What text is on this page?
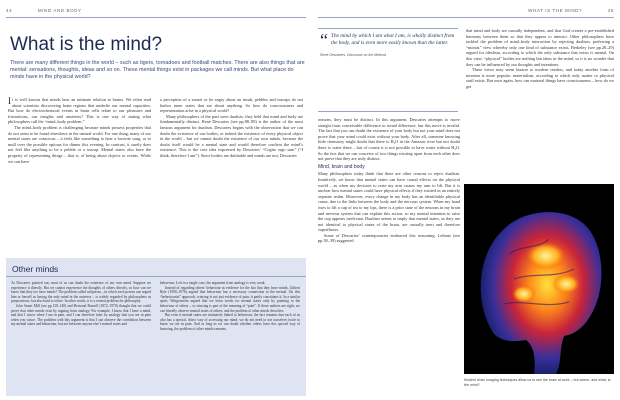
44	MIND AND BODY	WHAT IS THE MIND?	45
What is the mind?
There are many different things in the world – such as tigers, tornadoes and football matches. There are also things that are mental: sensations, thoughts, ideas and so on. These mental things exist in packages we call minds. But what place do minds have in the physical world?

It is well known that minds bear an intimate relation to brains. We often read about scientists discovering brain regions that underlie our mental capacities. But how do electrochemical events in brain cells relate to our pleasures and frustrations, our insights and anxieties? This is one way of stating what philosophers call the “mind–body problem.”

The mind–body problem is challenging because minds possess properties that do not seem to be found elsewhere in the natural world. For one thing, many of our mental states are conscious – it feels like something to hear a favorite song, or to mull over the possible options for dinner this evening. In contrast, it surely does not feel like anything to be a pebble or a teacup. Mental states also have the property of representing things – that is, of being about objects or events. While we can have

a perception of a sunset or be angry about an insult, pebbles and teacups do not harbor inner states that are about anything. So how do consciousness and representation arise in a physical world?

Many philosophers of the past were dualists: they held that mind and body are fundamentally distinct. René Descartes (see pp.88–89) is the author of the most famous argument for dualism. Descartes begins with the observation that we can doubt the existence of our bodies, or indeed the existence of every physical object in the world – but we cannot doubt the existence of our own minds, because the doubt itself would be a mental state and would therefore confirm the mind’s existence. This is the core idea expressed by Descartes’ “Cogito ergo sum” (“I think, therefore I am”). Since bodies are dubitable and minds are not, Descartes

Other minds

As Descartes pointed out, most of us can doubt the existence of our own mind. Suppose we experience it directly. But we cannot experience the thoughts of others directly, so how can we know that they too have minds? The problem called solipsism – in which each person can regard him or herself as having the only mind in the universe – is widely regarded by philosophers as preposterous, but also hard to refute. In other words, it is a central problem for philosophy.

John Stuart Mill (see pp.138–140) and Bertrand Russell (1872–1970) thought that we could prove that other minds exist by arguing from analogy. For example, I know that I have a mind, and that I wince when I am in pain, and I can therefore infer by analogy that you are in pain when you wince. The problem with this argument is that I can observe the correlation between my mental states and behaviour, but not between anyone else’s mental states and

behaviour. Left to a single case, the argument from analogy is very weak.

Instead of regarding others’ behaviour as evidence for the fact that they have minds, Gilbert Ryle (1900–1976) argued that behaviour has a necessary connection to the mental. On this “behaviourist” approach, wincing is not just evidence of pain: it partly constitutes it. In a similar spirit, Wittgenstein argued that we learn words for mental states only by pointing to the behaviour of others – so wincing is part of the meaning of “pain”. If these authors are right, we can literally observe mental states of others, and the problem of other minds dissolves.

But even if mental states are intimately linked to behaviour, the fact remains that each of us also has a special, direct way of accessing our mind: we do not need to use ourselves twice to know we are in pain. And as long as we can doubt whether others have this special way of knowing, the problem of other minds remains.

“ The mind by which I am what I am, is wholly distinct from the body, and is even more easily known than the latter.
René Descartes, Discourse on the Method

reasons, they must be distinct. In this argument, Descartes attempts to move straight from conceivable difference to actual difference, but this move is invalid. The fact that you can doubt the existence of your body but not your mind does not prove that your mind could exist without your body. After all, someone knowing little chemistry might doubt that there is H₂O in the Amazon river but not doubt there is water there – but of course it is not possible to have water without H₂O. So the fact that we can conceive of two things existing apart from each other does not prove that they are truly distinct.

Mind, brain and body

Many philosophers today think that there are other reasons to reject dualism. Intuitively, we know that mental states can have causal effects on the physical world – as when my decision to raise my arm causes my arm to lift. But it is unclear how mental states could have physical effects if they existed in an entirely separate realm. Moreover, every change in my body has an identifiable physical cause, due to the links between the body and the nervous system. When my hand rises to lift a cup of tea to my lips, there is a prior state of the neurons in my brain and nervous system that can explain this action, so my mental intention to raise the cup appears irrelevant. Dualism seems to imply that mental states, as they are not identical to physical states of the brain, are causally inert and therefore superfluous.

Some of Descartes’ contemporaries embraced this reasoning. Leibniz (see pp.38–39) suggested

that mind and body are causally independent, and that God creates a pre-established harmony between them so that they appear to interact. Other philosophers have tackled the problem of mind–body interaction by rejecting dualism, preferring a “monist” view whereby only one kind of substance exists. Berkeley (see pp.28–29) argued for idealism, according to which the only substance that exists is mental. On this view, “physical” bodies are nothing but ideas in the mind, so it is no wonder that they can be influenced by our thoughts and intentions.

These views may seem bizarre to modern readers, and today another form of monism is more popular: materialism, according to which only matter or physical stuff exists. But once again, how can material things have consciousness – how do we get

Modern brain imaging techniques allow us to see the brain at work – but where, and what, is the mind?
